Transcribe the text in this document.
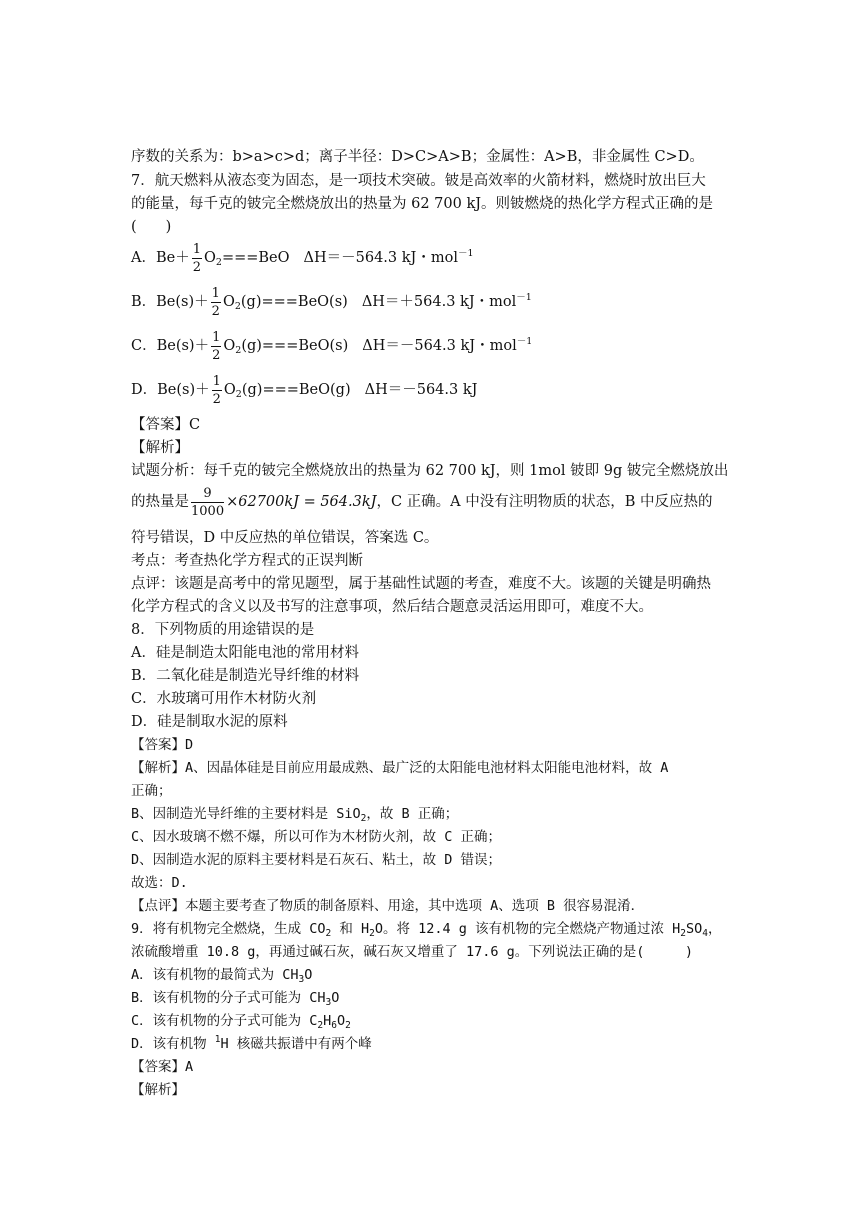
序数的关系为：b>a>c>d；离子半径：D>C>A>B；金属性：A>B，非金属性 C>D。
7．航天燃料从液态变为固态，是一项技术突破。铍是高效率的火箭材料，燃烧时放出巨大
的能量，每千克的铍完全燃烧放出的热量为 62 700 kJ。则铍燃烧的热化学方程式正确的是
(　　)
A．$Be+ \frac{1}{2} O_2===BeO$ ΔH＝－564.3 kJ・mol$^{-1}$
B．$Be(s)+ \frac{1}{2} O_2(g)===BeO(s)$ ΔH＝＋564.3 kJ・mol$^{-1}$
C．$Be(s)+ \frac{1}{2} O_2(g)===BeO(s)$ ΔH＝－564.3 kJ・mol$^{-1}$
D．$Be(s)+ \frac{1}{2} O_2(g)===BeO(g)$ ΔH＝－564.3 kJ
【答案】C
【解析】
试题分析：每千克的铍完全燃烧放出的热量为 62 700 kJ，则 1mol 铍即 9g 铍完全燃烧放出
的热量是 $\frac{9}{1000} \times 62700kJ = 564.3kJ$，C 正确。A 中没有注明物质的状态，B 中反应热的
符号错误，D 中反应热的单位错误，答案选 C。
考点：考查热化学方程式的正误判断
点评：该题是高考中的常见题型，属于基础性试题的考查，难度不大。该题的关键是明确热
化学方程式的含义以及书写的注意事项，然后结合题意灵活运用即可，难度不大。
8．下列物质的用途错误的是
A．硅是制造太阳能电池的常用材料
B．二氧化硅是制造光导纤维的材料
C．水玻璃可用作木材防火剂
D．硅是制取水泥的原料
【答案】D
【解析】A、因晶体硅是目前应用最成熟、最广泛的太阳能电池材料太阳能电池材料，故 A
正确；
B、因制造光导纤维的主要材料是 SiO$_2$，故 B 正确；
C、因水玻璃不燃不爆，所以可作为木材防火剂，故 C 正确；
D、因制造水泥的原料主要材料是石灰石、粘土，故 D 错误；
故选：D.
【点评】本题主要考查了物质的制备原料、用途，其中选项 A、选项 B 很容易混淆．
9．将有机物完全燃烧，生成 $CO_2$ 和 $H_2O$。将 12.4 g 该有机物的完全燃烧产物通过浓 $H_2SO_4$，
浓硫酸增重 10.8 g，再通过碱石灰，碱石灰又增重了 17.6 g。下列说法正确的是(　　　)
A．该有机物的最简式为 $CH_3O$
B．该有机物的分子式可能为 $CH_3O$
C．该有机物的分子式可能为 $C_2H_6O_2$
D．该有机物 $^1$H 核磁共振谱中有两个峰
【答案】A
【解析】
